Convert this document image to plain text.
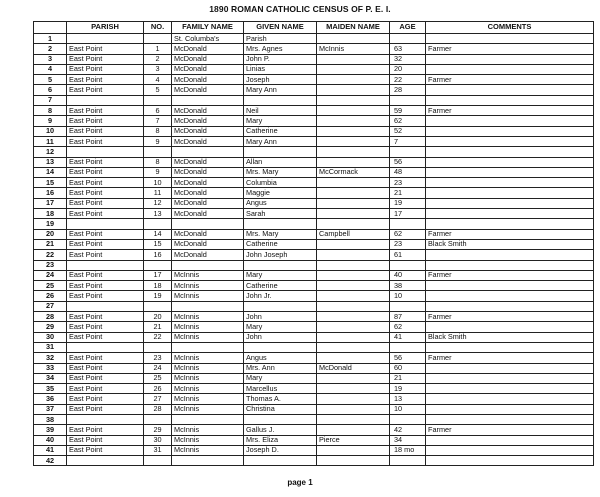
1890 ROMAN CATHOLIC CENSUS OF P. E. I.
	PARISH	NO.	FAMILY NAME	GIVEN NAME	MAIDEN NAME	AGE	COMMENTS
1			St. Columba's	Parish			
2	East Point	1	McDonald	Mrs. Agnes	McInnis	63	Farmer
3	East Point	2	McDonald	John P.		32	
4	East Point	3	McDonald	Linias		20	
5	East Point	4	McDonald	Joseph		22	Farmer
6	East Point	5	McDonald	Mary Ann		28	
7							
8	East Point	6	McDonald	Neil		59	Farmer
9	East Point	7	McDonald	Mary		62	
10	East Point	8	McDonald	Catherine		52	
11	East Point	9	McDonald	Mary Ann		7	
12							
13	East Point	8	McDonald	Allan		56	
14	East Point	9	McDonald	Mrs. Mary	McCormack	48	
15	East Point	10	McDonald	Columbia		23	
16	East Point	11	McDonald	Maggie		21	
17	East Point	12	McDonald	Angus		19	
18	East Point	13	McDonald	Sarah		17	
19							
20	East Point	14	McDonald	Mrs. Mary	Campbell	62	Farmer
21	East Point	15	McDonald	Catherine		23	Black Smith
22	East Point	16	McDonald	John Joseph		61	
23							
24	East Point	17	McInnis	Mary		40	Farmer
25	East Point	18	McInnis	Catherine		38	
26	East Point	19	McInnis	John Jr.		10	
27							
28	East Point	20	McInnis	John		87	Farmer
29	East Point	21	McInnis	Mary		62	
30	East Point	22	McInnis	John		41	Black Smith
31							
32	East Point	23	McInnis	Angus		56	Farmer
33	East Point	24	McInnis	Mrs. Ann	McDonald	60	
34	East Point	25	McInnis	Mary		21	
35	East Point	26	McInnis	Marcellus		19	
36	East Point	27	McInnis	Thomas A.		13	
37	East Point	28	McInnis	Christina		10	
38							
39	East Point	29	McInnis	Gallus J.		42	Farmer
40	East Point	30	McInnis	Mrs. Eliza	Pierce	34	
41	East Point	31	McInnis	Joseph D.		18 mo	
42							
page 1
